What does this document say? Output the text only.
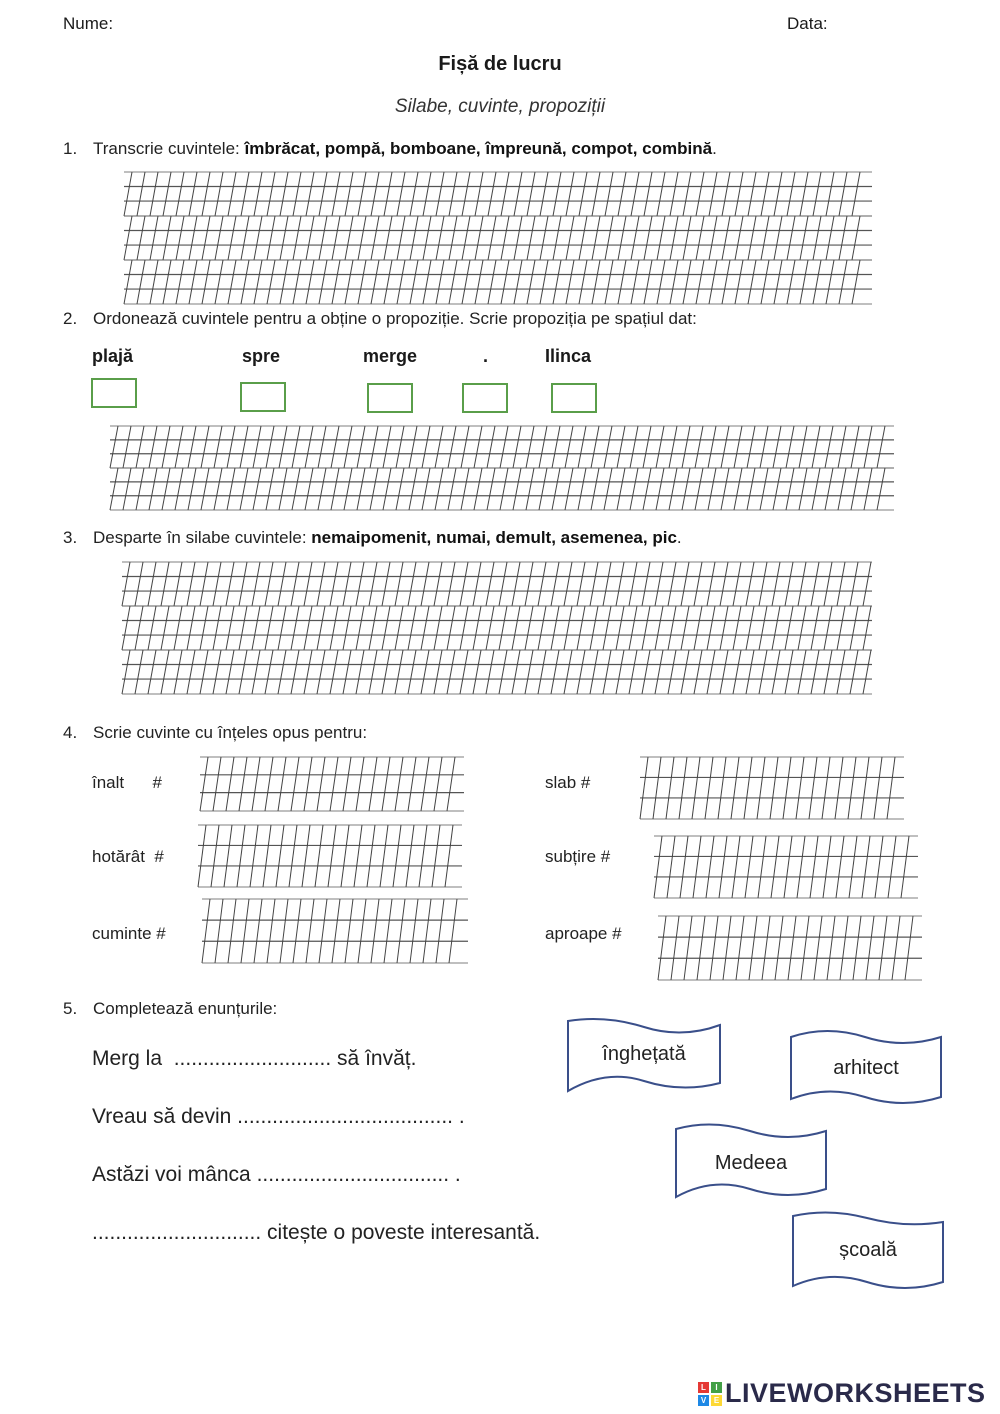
Nume:	Data:
Fișă de lucru
Silabe, cuvinte, propoziții
1. Transcrie cuvintele: îmbrăcat, pompă, bomboane, împreună, compot, combină.
2. Ordonează cuvintele pentru a obține o propoziție. Scrie propoziția pe spațiul dat:
plajă	spre	merge	.	Ilinca
3. Desparte în silabe cuvintele: nemaipomenit, numai, demult, asemenea, pic.
4. Scrie cuvinte cu înțeles opus pentru:
înalt      #
hotărât  #
cuminte #
slab #
subțire #
aproape #
5. Completează enunțurile:
Merg la  ........................... să învăț.
Vreau să devin ..................................... .
Astăzi voi mânca ................................. .
............................. citește o poveste interesantă.
înghețată
arhitect
Medeea
școală
L IV E LIVEWORKSHEETS
